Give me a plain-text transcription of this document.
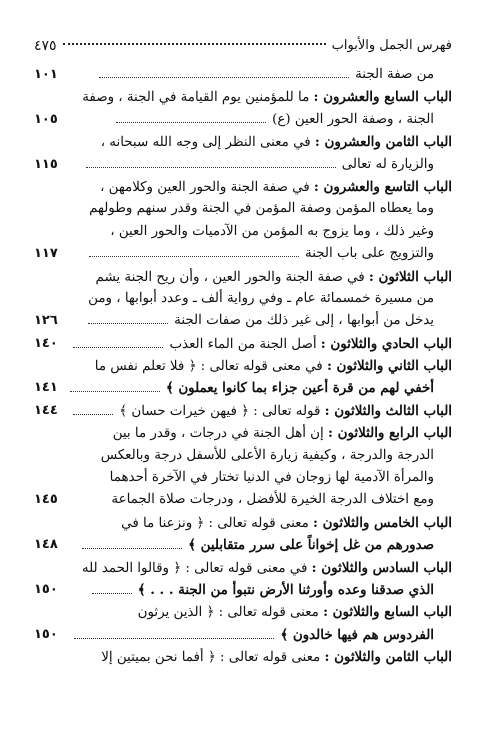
فهرس الجمل والأبواب
٤٧٥
من صفة الجنة
١٠١
الباب السابع والعشرون : ما للمؤمنين يوم القيامة في الجنة ، وصفة
الجنة ، وصفة الحور العين (ع)
١٠٥
الباب الثامن والعشرون : في معنى النظر إلى وجه الله سبحانه ،
والزيارة له تعالى
١١٥
الباب التاسع والعشرون : في صفة الجنة والحور العين وكلامهن ،
وما يعطاه المؤمن وصفة المؤمن في الجنة وقدر سنهم وطولهم
وغير ذلك ، وما يزوج به المؤمن من الآدميات والحور العين ،
والتزويج على باب الجنة
١١٧
الباب الثلاثون : في صفة الجنة والحور العين ، وأن ريح الجنة يشم
من مسيرة خمسمائة عام ـ وفي رواية ألف ـ وعدد أبوابها ، ومن
يدخل من أبوابها ، إلى غير ذلك من صفات الجنة
١٢٦
الباب الحادي والثلاثون : أصل الجنة من الماء العذب
١٤٠
الباب الثاني والثلاثون : في معنى قوله تعالى : ﴿ فلا تعلم نفس ما
أخفي لهم من قرة أعين جزاء بما كانوا يعملون ﴾
١٤١
الباب الثالث والثلاثون : قوله تعالى : ﴿ فيهن خيرات حسان ﴾
١٤٤
الباب الرابع والثلاثون : إن أهل الجنة في درجات ، وقدر ما بين
الدرجة والدرجة ، وكيفية زيارة الأعلى للأسفل درجة وبالعكس
والمرأة الآدمية لها زوجان في الدنيا تختار في الآخرة أحدهما
ومع اختلاف الدرجة الخيرة للأفضل ، ودرجات صلاة الجماعة
١٤٥
الباب الخامس والثلاثون : معنى قوله تعالى : ﴿ ونزعنا ما في
صدورهم من غل إخواناً على سرر متقابلين ﴾
١٤٨
الباب السادس والثلاثون : في معنى قوله تعالى : ﴿ وقالوا الحمد لله
الذي صدقنا وعده وأورثنا الأرض نتبوأ من الجنة . . . ﴾
١٥٠
الباب السابع والثلاثون : معنى قوله تعالى : ﴿ الذين يرثون
الفردوس هم فيها خالدون ﴾
١٥٠
الباب الثامن والثلاثون : معنى قوله تعالى : ﴿ أفما نحن بميتين إلا
